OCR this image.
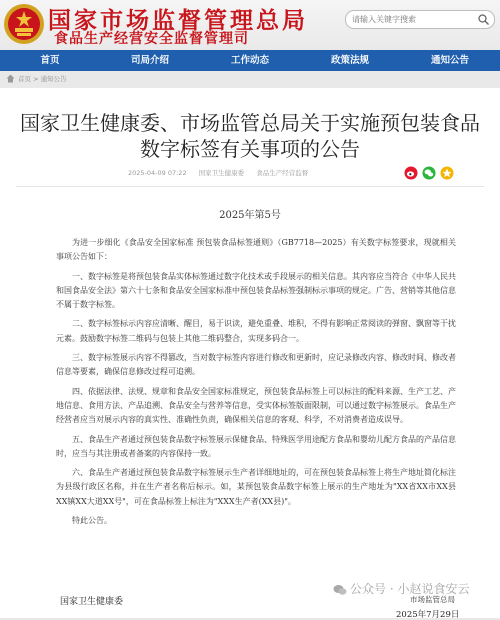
国家市场监督管理总局
食品生产经营安全监督管理司
请输入关键字搜索
首页	司局介绍	工作动态	政策法规	通知公告
首页 > 通知公告
国家卫生健康委、市场监管总局关于实施预包装食品数字标签有关事项的公告
2025-04-09 07:22 国家卫生健康委 食品生产经营监督
2025年第5号

为进一步细化《食品安全国家标准 预包装食品标签通则》（GB7718—2025）有关数字标签要求，现就相关事项公告如下：

一、数字标签是将预包装食品实体标签通过数字化技术或手段展示的相关信息。其内容应当符合《中华人民共和国食品安全法》第六十七条和食品安全国家标准中预包装食品标签强制标示事项的规定。广告、营销等其他信息不属于数字标签。

二、数字标签标示内容应清晰、醒目，易于识读，避免重叠、堆积，不得有影响正常阅读的弹窗、飘窗等干扰元素。鼓励数字标签二维码与包装上其他二维码整合，实现多码合一。

三、数字标签展示内容不得篡改，当对数字标签内容进行修改和更新时，应记录修改内容、修改时间、修改者信息等要素，确保信息修改过程可追溯。

四、依据法律、法规、规章和食品安全国家标准规定，预包装食品标签上可以标注的配料来源、生产工艺、产地信息、食用方法、产品追溯、食品安全与营养等信息，受实体标签版面限制，可以通过数字标签展示。食品生产经营者应当对展示内容的真实性、准确性负责，确保相关信息的客观、科学，不对消费者造成误导。

五、食品生产者通过预包装食品数字标签展示保健食品、特殊医学用途配方食品和婴幼儿配方食品的产品信息时，应当与其注册或者备案的内容保持一致。

六、食品生产者通过预包装食品数字标签展示生产者详细地址的，可在预包装食品标签上将生产地址简化标注为县级行政区名称，并在生产者名称后标示。如，某预包装食品数字标签上展示的生产地址为"XX省XX市XX县XX镇XX大道XX号"，可在食品标签上标注为"XXX生产者(XX县)"。

特此公告。

公众号 · 小赵说食安云
国家卫生健康委	市场监管总局
2025年7月29日
